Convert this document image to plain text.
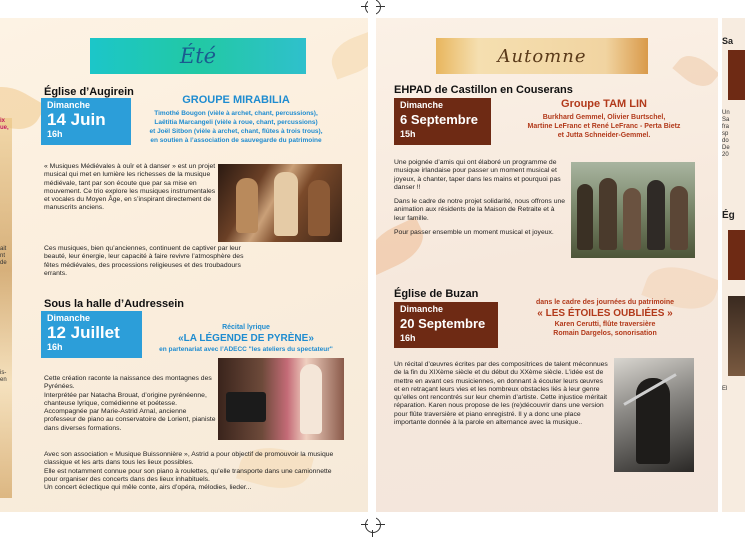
ix
ue,
ait
nt
de
is-
en
Été
Église d’Augirein
Dimanche
14 Juin
16h
GROUPE MIRABILIA
Timothé Bougon (vièle à archet, chant, percussions),
Laëtitia Marcangeli (vièle à roue, chant, percussions)
et Joël Sitbon (vièle à archet, chant, flûtes à trois trous),
en soutien à l’association de sauvegarde du patrimoine

« Musiques Médiévales à ouïr et à danser » est un projet musical qui met en lumière les richesses de la musique médiévale, tant par son écoute que par sa mise en mouvement. Ce trio explore les musiques instrumentales et vocales du Moyen Âge, en s’inspirant directement de manuscrits anciens.

Ces musiques, bien qu’anciennes, continuent de captiver par leur beauté, leur énergie, leur capacité à faire revivre l’atmosphère des fêtes médiévales, des processions religieuses et des troubadours errants.

Sous la halle d’Audressein
Dimanche
12 Juillet
16h
Récital lyrique
«LA LÉGENDE DE PYRÈNE»
en partenariat avec l’ADECC "les ateliers du spectateur"

Cette création raconte la naissance des montagnes des Pyrénées.

Interprétée par Natacha Brouat, d’origine pyrénéenne, chanteuse lyrique, comédienne et poétesse.

Accompagnée par Marie-Astrid Arnal, ancienne professeur de piano au conservatoire de Lorient, pianiste dans diverses formations.

Avec son association « Musique Buissonnière », Astrid a pour objectif de promouvoir la musique classique et les arts dans tous les lieux possibles.

Elle est notamment connue pour son piano à roulettes, qu’elle transporte dans une camionnette pour organiser des concerts dans des lieux inhabituels.

Un concert éclectique qui mêle conte, airs d’opéra, mélodies, lieder...

Automne
EHPAD de Castillon en Couserans
Dimanche
6 Septembre
15h
Groupe TAM LIN
Burkhard Gemmel, Olivier Burtschel,
Martine LeFranc et René LeFranc - Perta Bietz
et Jutta Schneider-Gemmel.

Une poignée d’amis qui ont élaboré un programme de musique irlandaise pour passer un moment musical et joyeux, à chanter, taper dans les mains et pourquoi pas danser !!

Dans le cadre de notre projet solidarité, nous offrons une animation aux résidents de la Maison de Retraite et à leur famille.

Pour passer ensemble un moment musical et joyeux.

Église de Buzan
Dimanche
20 Septembre
16h
dans le cadre des journées du patrimoine
« LES ÉTOILES OUBLIÉES »
Karen Cerutti, flûte traversière
Romain Dargelos, sonorisation

Un récital d’œuvres écrites par des compositrices de talent méconnues de la fin du XIXème siècle et du début du XXème siècle. L’idée est de mettre en avant ces musiciennes, en donnant à écouter leurs œuvres et en retraçant leurs vies et les nombreux obstacles liés à leur genre qu’elles ont rencontrés sur leur chemin d’artiste. Cette injustice méritait réparation. Karen nous propose de les (re)découvrir dans une version pour flûte traversière et piano enregistré. Il y a donc une place importante donnée à la parole en alternance avec la musique..

Sa
Un
Sa
fra
sp
do
De
20
Ég
El
